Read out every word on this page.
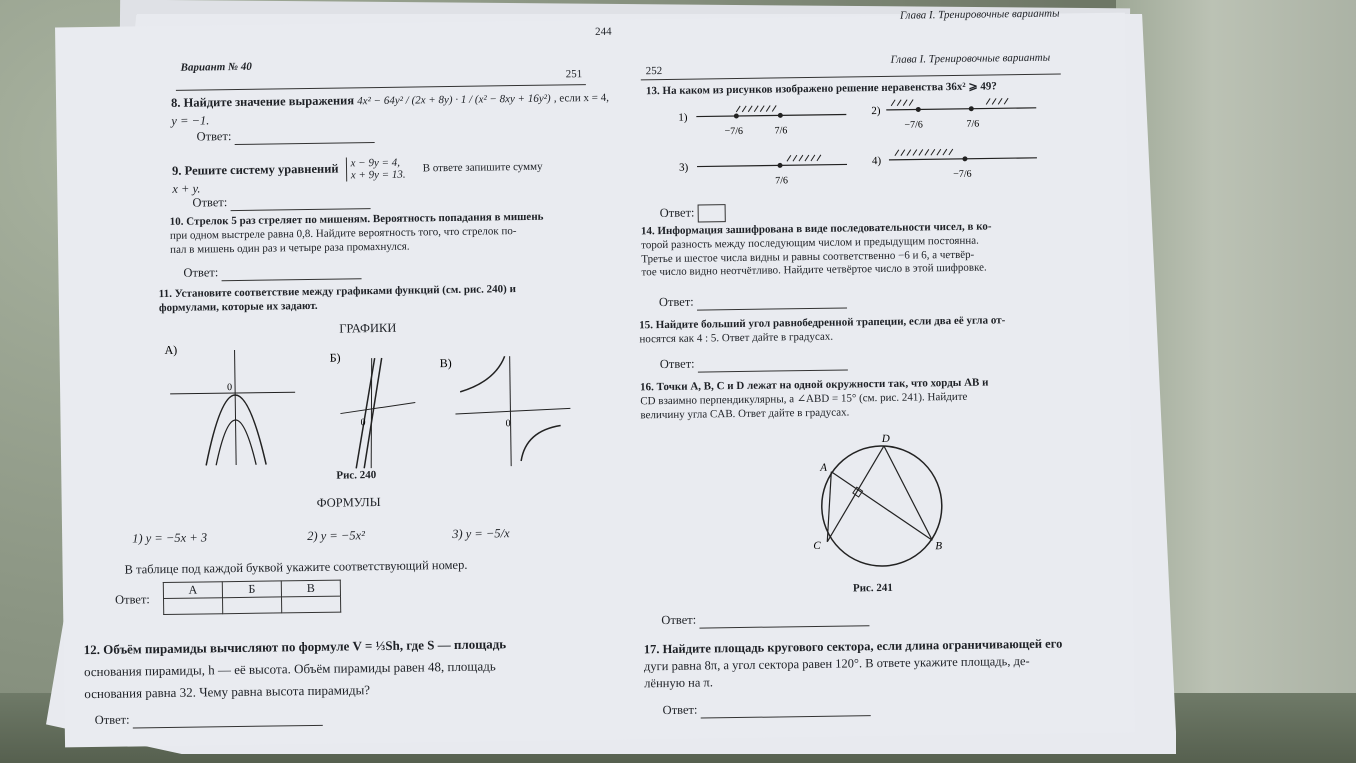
244
Глава I. Тренировочные варианты
Вариант № 40
251
8. Найдите значение выражения 4x² − 64y² / (2x + 8y) · 1 / (x² − 8xy + 16y²) , если x = 4,
y = −1.
Ответ:
9. Решите систему уравнений x − 9y = 4,
x + 9y = 13. В ответе запишите сумму
x + y.
Ответ:
10. Стрелок 5 раз стреляет по мишеням. Вероятность попадания в мишень
при одном выстреле равна 0,8. Найдите вероятность того, что стрелок по-
пал в мишень один раз и четыре раза промахнулся.
Ответ:
11. Установите соответствие между графиками функций (см. рис. 240) и
формулами, которые их задают.
ГРАФИКИ
А)
0
Б)
0
В)
0
Рис. 240
ФОРМУЛЫ
1) y = −5x + 3	2) y = −5x²	3) y = −5/x
В таблице под каждой буквой укажите соответствующий номер.
Ответ:
А	Б	В

12. Объём пирамиды вычисляют по формуле V = ⅓Sh, где S — площадь
основания пирамиды, h — её высота. Объём пирамиды равен 48, площадь
основания равна 32. Чему равна высота пирамиды?
Ответ:
252
Глава I. Тренировочные варианты
13. На каком из рисунков изображено решение неравенства 36x² ⩾ 49?
1)
−7/6	7/6
2)
−7/6	7/6
3)
7/6
4)
−7/6
Ответ:
14. Информация зашифрована в виде последовательности чисел, в ко-
торой разность между последующим числом и предыдущим постоянна.
Третье и шестое числа видны и равны соответственно −6 и 6, а четвёр-
тое число видно неотчётливо. Найдите четвёртое число в этой шифровке.
Ответ:
15. Найдите больший угол равнобедренной трапеции, если два её угла от-
носятся как 4 : 5. Ответ дайте в градусах.
Ответ:
16. Точки A, B, C и D лежат на одной окружности так, что хорды AB и
CD взаимно перпендикулярны, а ∠ABD = 15° (см. рис. 241). Найдите
величину угла CAB. Ответ дайте в градусах.
A
B
C
D
Рис. 241
Ответ:
17. Найдите площадь кругового сектора, если длина ограничивающей его
дуги равна 8π, а угол сектора равен 120°. В ответе укажите площадь, де-
лённую на π.
Ответ:
